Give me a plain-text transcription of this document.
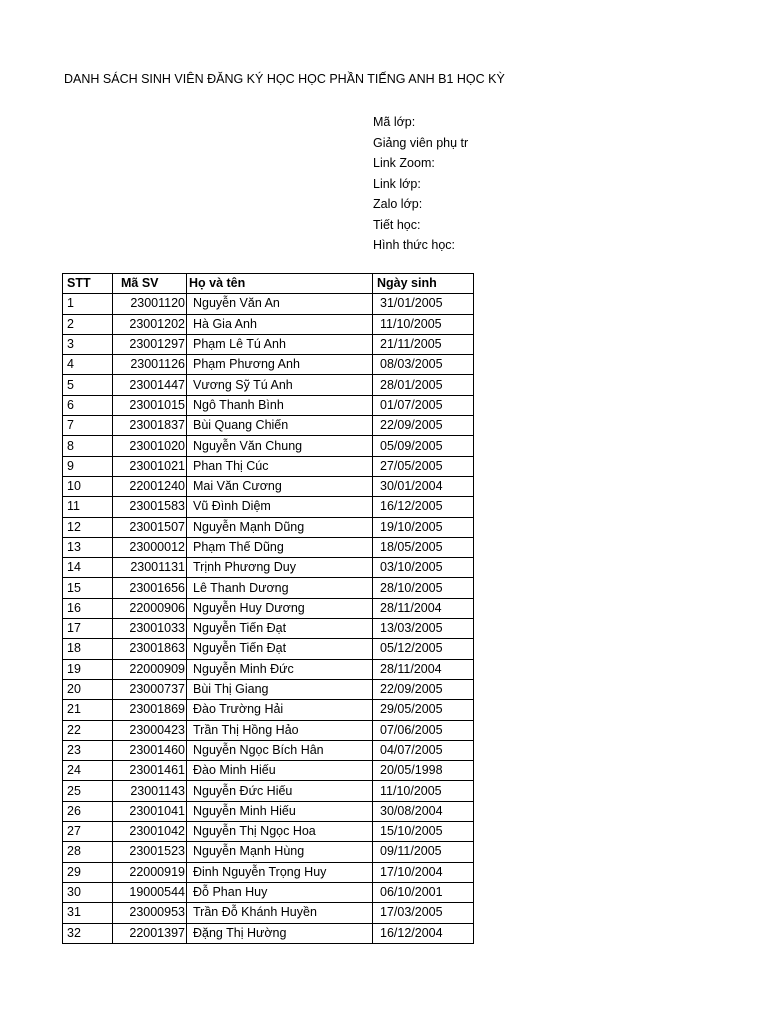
DANH SÁCH SINH VIÊN ĐĂNG KÝ HỌC HỌC PHẦN TIẾNG ANH B1 HỌC KỲ
Mã lớp:
Giảng viên phụ tr
Link Zoom:
Link lớp:
Zalo lớp:
Tiết học:
Hình thức học:
STT	Mã SV	Họ và tên	Ngày sinh
1	23001120	Nguyễn Văn An	31/01/2005
2	23001202	Hà Gia Anh	11/10/2005
3	23001297	Phạm Lê Tú Anh	21/11/2005
4	23001126	Phạm Phương Anh	08/03/2005
5	23001447	Vương Sỹ Tú Anh	28/01/2005
6	23001015	Ngô Thanh Bình	01/07/2005
7	23001837	Bùi Quang Chiến	22/09/2005
8	23001020	Nguyễn Văn Chung	05/09/2005
9	23001021	Phan Thị Cúc	27/05/2005
10	22001240	Mai Văn Cương	30/01/2004
11	23001583	Vũ Đình Diệm	16/12/2005
12	23001507	Nguyễn Mạnh Dũng	19/10/2005
13	23000012	Phạm Thế Dũng	18/05/2005
14	23001131	Trịnh Phương Duy	03/10/2005
15	23001656	Lê Thanh Dương	28/10/2005
16	22000906	Nguyễn Huy Dương	28/11/2004
17	23001033	Nguyễn Tiến Đạt	13/03/2005
18	23001863	Nguyễn Tiến Đạt	05/12/2005
19	22000909	Nguyễn Minh Đức	28/11/2004
20	23000737	Bùi Thị Giang	22/09/2005
21	23001869	Đào Trường Hải	29/05/2005
22	23000423	Trần Thị Hồng Hảo	07/06/2005
23	23001460	Nguyễn Ngọc Bích Hân	04/07/2005
24	23001461	Đào Minh Hiếu	20/05/1998
25	23001143	Nguyễn Đức Hiếu	11/10/2005
26	23001041	Nguyễn Minh Hiếu	30/08/2004
27	23001042	Nguyễn Thị Ngọc Hoa	15/10/2005
28	23001523	Nguyễn Mạnh Hùng	09/11/2005
29	22000919	Đinh Nguyễn Trọng Huy	17/10/2004
30	19000544	Đỗ Phan Huy	06/10/2001
31	23000953	Trần Đỗ Khánh Huyền	17/03/2005
32	22001397	Đặng Thị Hường	16/12/2004
